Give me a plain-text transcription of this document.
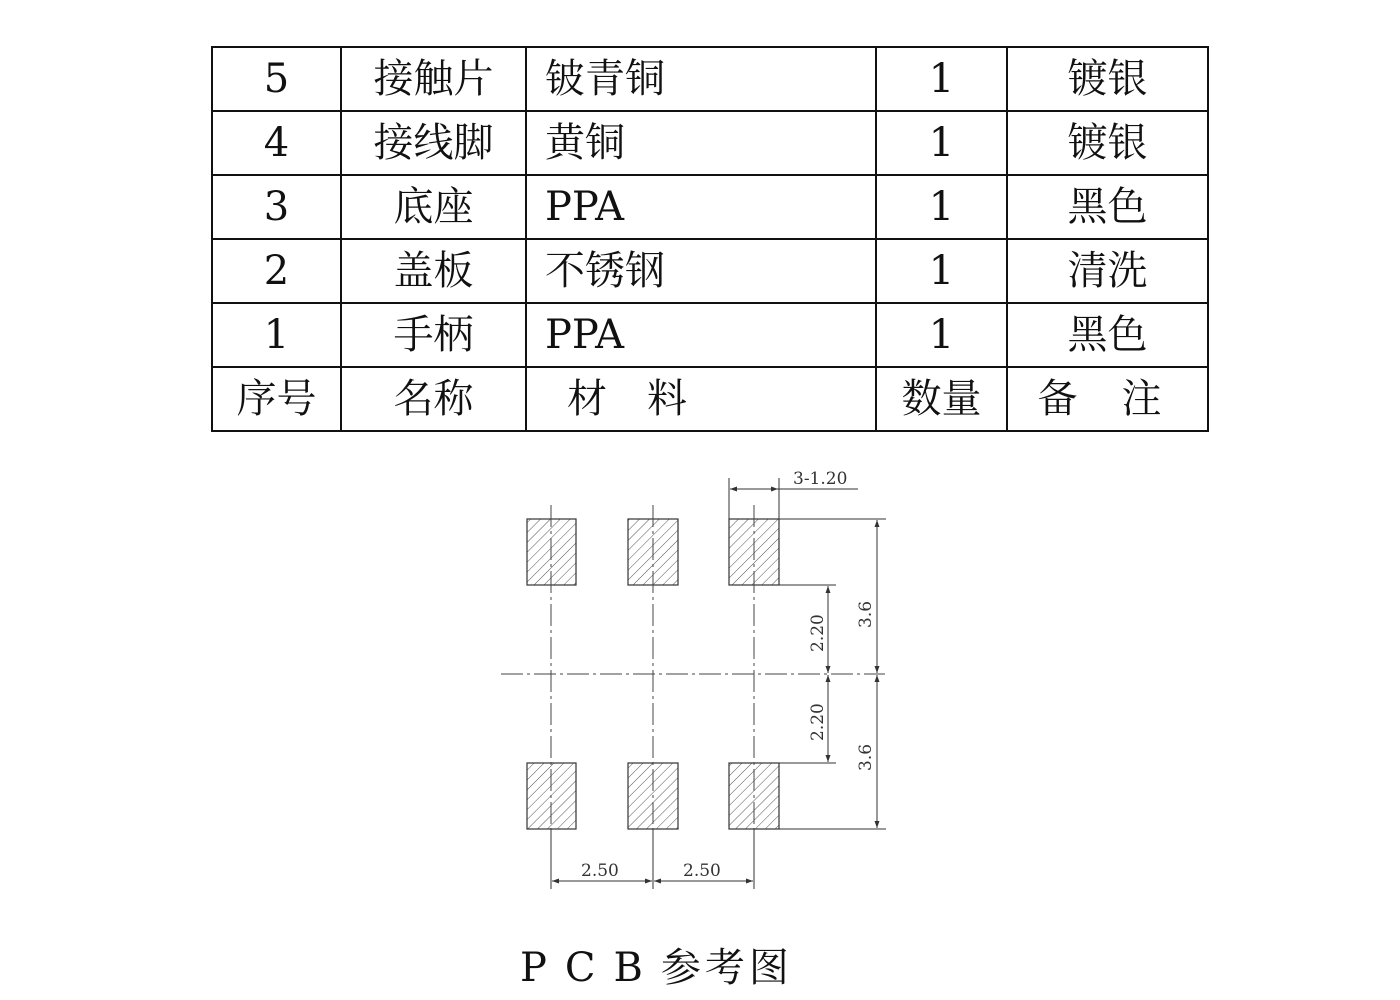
5	接触片	铍青铜	1	镀银
4	接线脚	黄铜	1	镀银
3	底座	PPA	1	黑色
2	盖板	不锈钢	1	清洗
1	手柄	PPA	1	黑色
序号	名称	材料	数量	备注
3-1.20
2.20 3.6
2.20
3.6
2.50	2.50
PCB参考图
